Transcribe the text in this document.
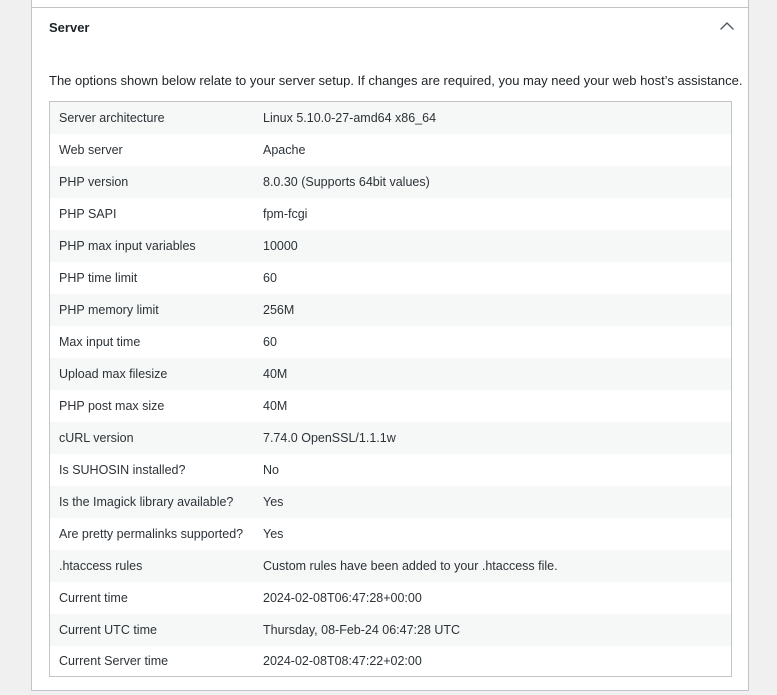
Server

The options shown below relate to your server setup. If changes are required, you may need your web host’s assistance.

Server architecture	Linux 5.10.0-27-amd64 x86_64
Web server	Apache
PHP version	8.0.30 (Supports 64bit values)
PHP SAPI	fpm-fcgi
PHP max input variables	10000
PHP time limit	60
PHP memory limit	256M
Max input time	60
Upload max filesize	40M
PHP post max size	40M
cURL version	7.74.0 OpenSSL/1.1.1w
Is SUHOSIN installed?	No
Is the Imagick library available?	Yes
Are pretty permalinks supported?	Yes
.htaccess rules	Custom rules have been added to your .htaccess file.
Current time	2024-02-08T06:47:28+00:00
Current UTC time	Thursday, 08-Feb-24 06:47:28 UTC
Current Server time	2024-02-08T08:47:22+02:00
